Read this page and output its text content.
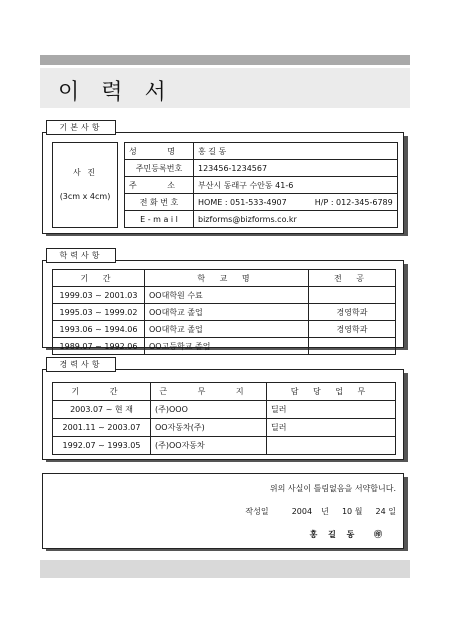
이 력 서
기본사항
사 진
(3cm x 4cm)
성 명	홍 길 동
주민등록번호	123456-1234567
주 소	부산시 동래구 수안동 41-6
전 화 번 호	HOME : 051-533-4907 H/P : 012-345-6789
E - m a i l	bizforms@bizforms.co.kr
학력사항
기 간	학 교 명	전 공
1999.03 ~ 2001.03	OO대학원 수료	
1995.03 ~ 1999.02	OO대학교 졸업	경영학과
1993.06 ~ 1994.06	OO대학교 졸업	경영학과
1989.07 ~ 1992.06	OO고등학교 졸업	
경력사항
기 간	근 무 지	담 당 업 무
2003.07 ~ 현 재	(주)OOO	딜러
2001.11 ~ 2003.07	OO자동차(주)	딜러
1992.07 ~ 1993.05	(주)OO자동차	
위의 사실이 틀림없음을 서약합니다.
작성일	2004 년 10 월 24 일
홍 길 동 ㊞
